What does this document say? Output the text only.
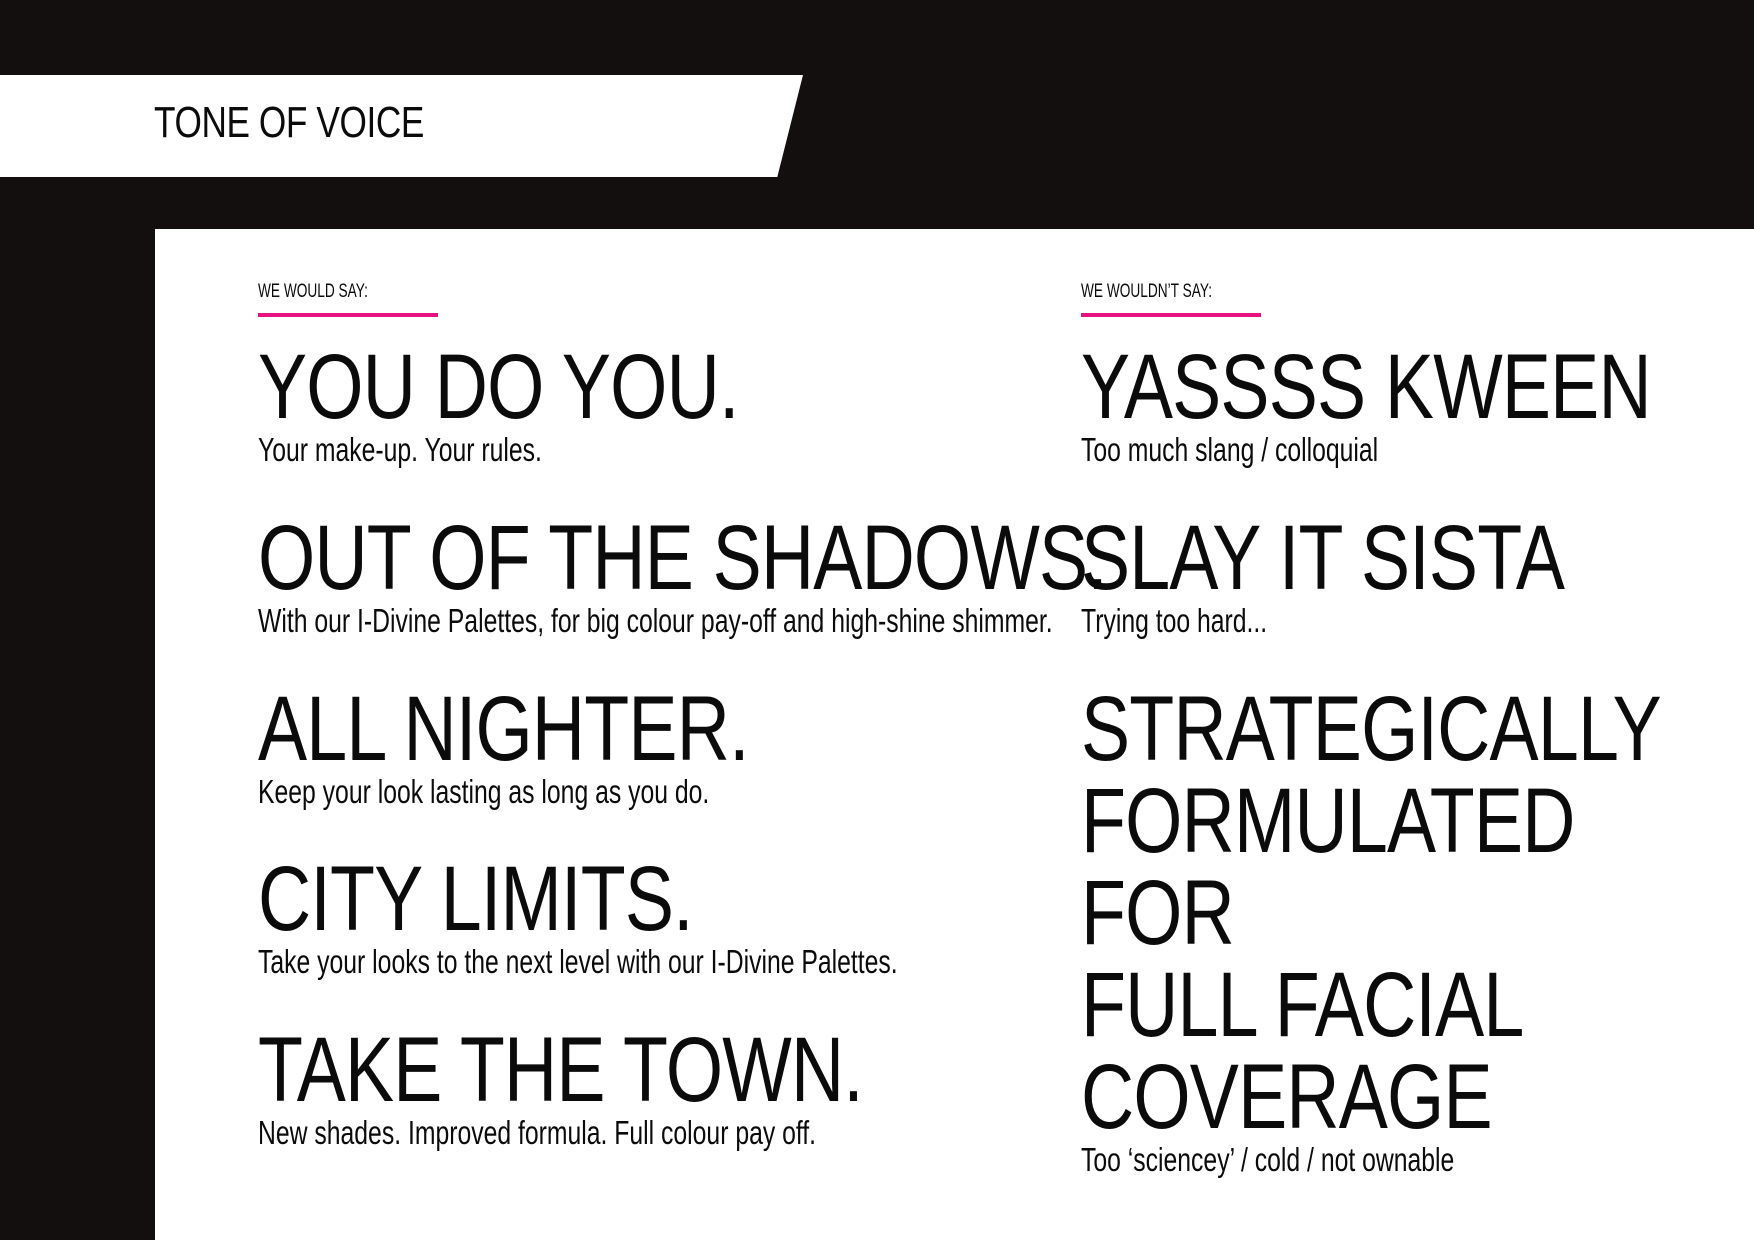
TONE OF VOICE
WE WOULD SAY:
YOU DO YOU.
Your make-up. Your rules.
OUT OF THE SHADOWS.
With our I-Divine Palettes, for big colour pay-off and high-shine shimmer.
ALL NIGHTER.
Keep your look lasting as long as you do.
CITY LIMITS.
Take your looks to the next level with our I-Divine Palettes.
TAKE THE TOWN.
New shades. Improved formula. Full colour pay off.
WE WOULDN’T SAY:
YASSSS KWEEN
Too much slang / colloquial
SLAY IT SISTA
Trying too hard...
STRATEGICALLY
FORMULATED FOR
FULL FACIAL
COVERAGE
Too ‘sciencey’ / cold / not ownable
